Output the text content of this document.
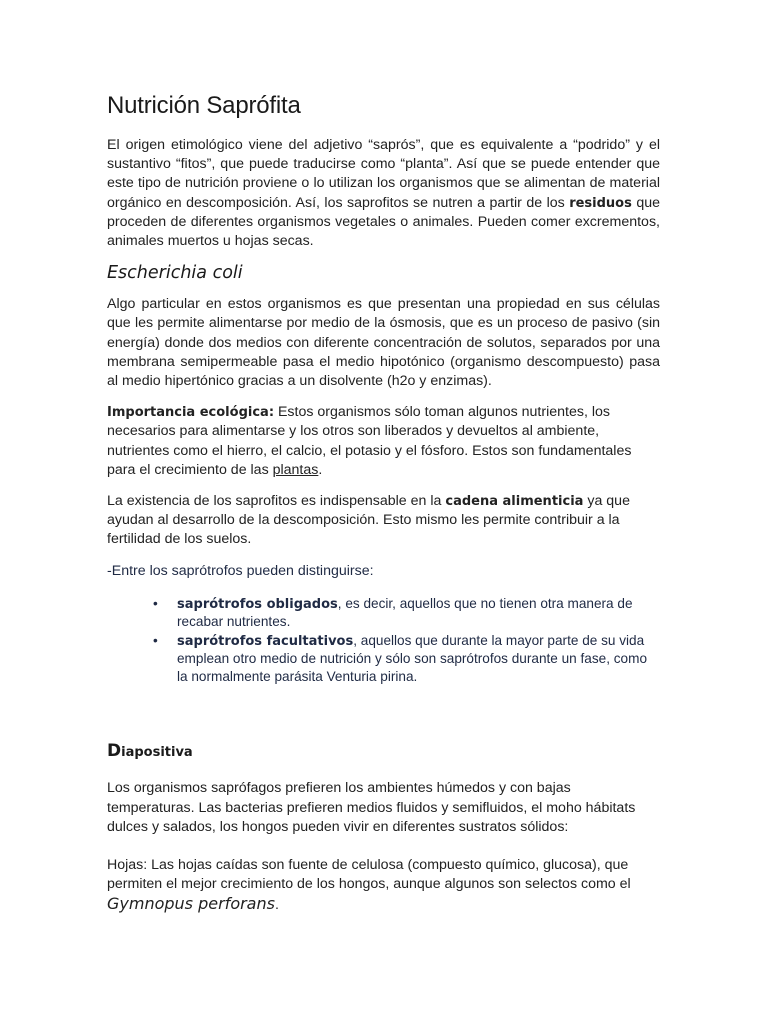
Nutrición Saprófita

El origen etimológico viene del adjetivo “saprós”, que es equivalente a “podrido” y el sustantivo “fitos”, que puede traducirse como “planta”. Así que se puede entender que este tipo de nutrición proviene o lo utilizan los organismos que se alimentan de material orgánico en descomposición. Así, los saprofitos se nutren a partir de los residuos que proceden de diferentes organismos vegetales o animales. Pueden comer excrementos, animales muertos u hojas secas.

Escherichia coli

Algo particular en estos organismos es que presentan una propiedad en sus células que les permite alimentarse por medio de la ósmosis, que es un proceso de pasivo (sin energía) donde dos medios con diferente concentración de solutos, separados por una membrana semipermeable pasa el medio hipotónico (organismo descompuesto) pasa al medio hipertónico gracias a un disolvente (h2o y enzimas).

Importancia ecológica: Estos organismos sólo toman algunos nutrientes, los necesarios para alimentarse y los otros son liberados y devueltos al ambiente, nutrientes como el hierro, el calcio, el potasio y el fósforo. Estos son fundamentales para el crecimiento de las plantas.

La existencia de los saprofitos es indispensable en la cadena alimenticia ya que ayudan al desarrollo de la descomposición. Esto mismo les permite contribuir a la fertilidad de los suelos.

-Entre los saprótrofos pueden distinguirse:

• saprótrofos obligados, es decir, aquellos que no tienen otra manera de recabar nutrientes.
• saprótrofos facultativos, aquellos que durante la mayor parte de su vida emplean otro medio de nutrición y sólo son saprótrofos durante un fase, como la normalmente parásita Venturia pirina.
Diapositiva

Los organismos saprófagos prefieren los ambientes húmedos y con bajas temperaturas. Las bacterias prefieren medios fluidos y semifluidos, el moho hábitats dulces y salados, los hongos pueden vivir en diferentes sustratos sólidos:

Hojas: Las hojas caídas son fuente de celulosa (compuesto químico, glucosa), que permiten el mejor crecimiento de los hongos, aunque algunos son selectos como el Gymnopus perforans.
